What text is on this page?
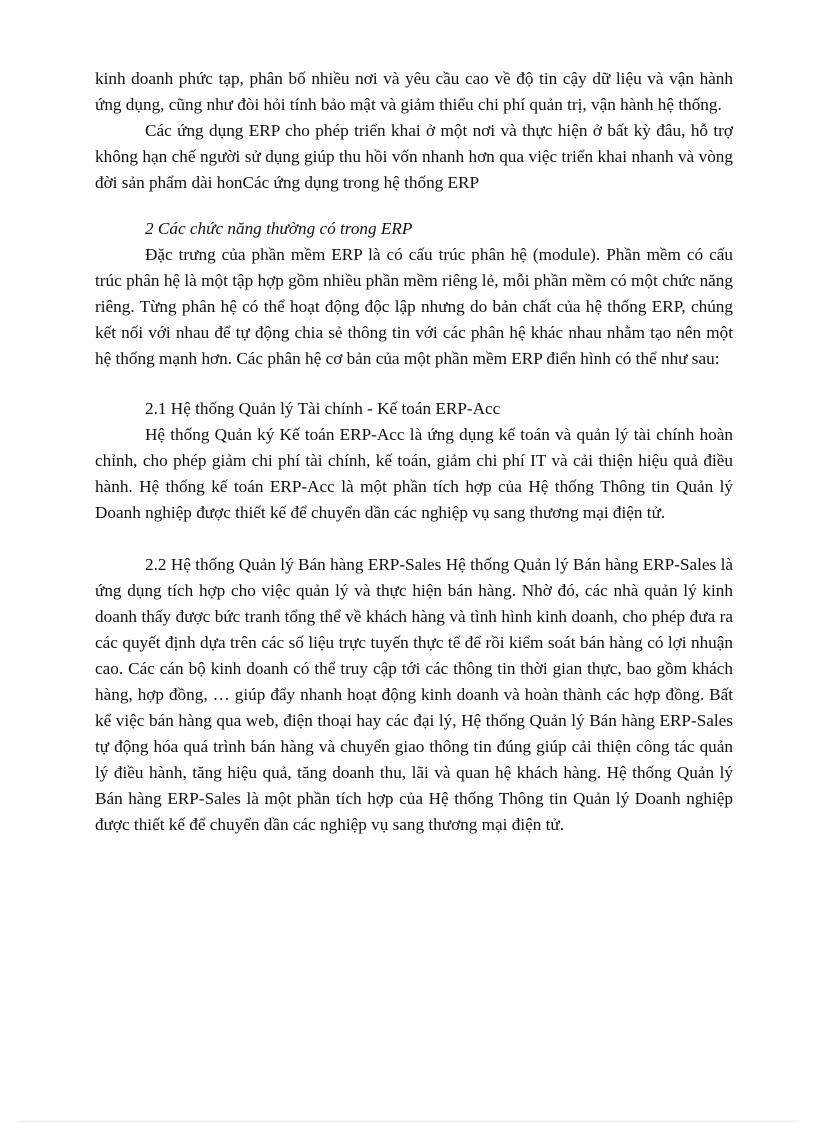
kinh doanh phức tạp, phân bố nhiều nơi và yêu cầu cao về độ tin cậy dữ liệu và vận hành ứng dụng, cũng như đòi hỏi tính bảo mật và giảm thiểu chi phí quản trị, vận hành hệ thống.

Các ứng dụng ERP cho phép triển khai ở một nơi và thực hiện ở bất kỳ đâu, hỗ trợ không hạn chế người sử dụng giúp thu hồi vốn nhanh hơn qua việc triển khai nhanh và vòng đời sản phẩm dài honCác ứng dụng trong hệ thống ERP

2 Các chức năng thường có trong ERP

Đặc trưng của phần mềm ERP là có cấu trúc phân hệ (module). Phần mềm có cấu trúc phân hệ là một tập hợp gồm nhiều phần mềm riêng lẻ, mỗi phần mềm có một chức năng riêng. Từng phân hệ có thể hoạt động độc lập nhưng do bản chất của hệ thống ERP, chúng kết nối với nhau để tự động chia sẻ thông tin với các phân hệ khác nhau nhằm tạo nên một hệ thống mạnh hơn. Các phân hệ cơ bản của một phần mềm ERP điển hình có thể như sau:

2.1 Hệ thống Quản lý Tài chính - Kế toán ERP-Acc

Hệ thống Quản ký Kế toán ERP-Acc là ứng dụng kế toán và quản lý tài chính hoàn chỉnh, cho phép giảm chi phí tài chính, kế toán, giảm chi phí IT và cải thiện hiệu quả điều hành. Hệ thống kế toán ERP-Acc là một phần tích hợp của Hệ thống Thông tin Quản lý Doanh nghiệp được thiết kế để chuyển dần các nghiệp vụ sang thương mại điện tử.

2.2 Hệ thống Quản lý Bán hàng ERP-Sales Hệ thống Quản lý Bán hàng ERP-Sales là ứng dụng tích hợp cho việc quản lý và thực hiện bán hàng. Nhờ đó, các nhà quản lý kinh doanh thấy được bức tranh tổng thể về khách hàng và tình hình kinh doanh, cho phép đưa ra các quyết định dựa trên các số liệu trực tuyến thực tế để rồi kiểm soát bán hàng có lợi nhuận cao. Các cán bộ kinh doanh có thể truy cập tới các thông tin thời gian thực, bao gồm khách hàng, hợp đồng, … giúp đẩy nhanh hoạt động kinh doanh và hoàn thành các hợp đồng. Bất kể việc bán hàng qua web, điện thoại hay các đại lý, Hệ thống Quản lý Bán hàng ERP-Sales tự động hóa quá trình bán hàng và chuyển giao thông tin đúng giúp cải thiện công tác quản lý điều hành, tăng hiệu quả, tăng doanh thu, lãi và quan hệ khách hàng. Hệ thống Quản lý Bán hàng ERP-Sales là một phần tích hợp của Hệ thống Thông tin Quản lý Doanh nghiệp được thiết kế để chuyển dần các nghiệp vụ sang thương mại điện tử.
